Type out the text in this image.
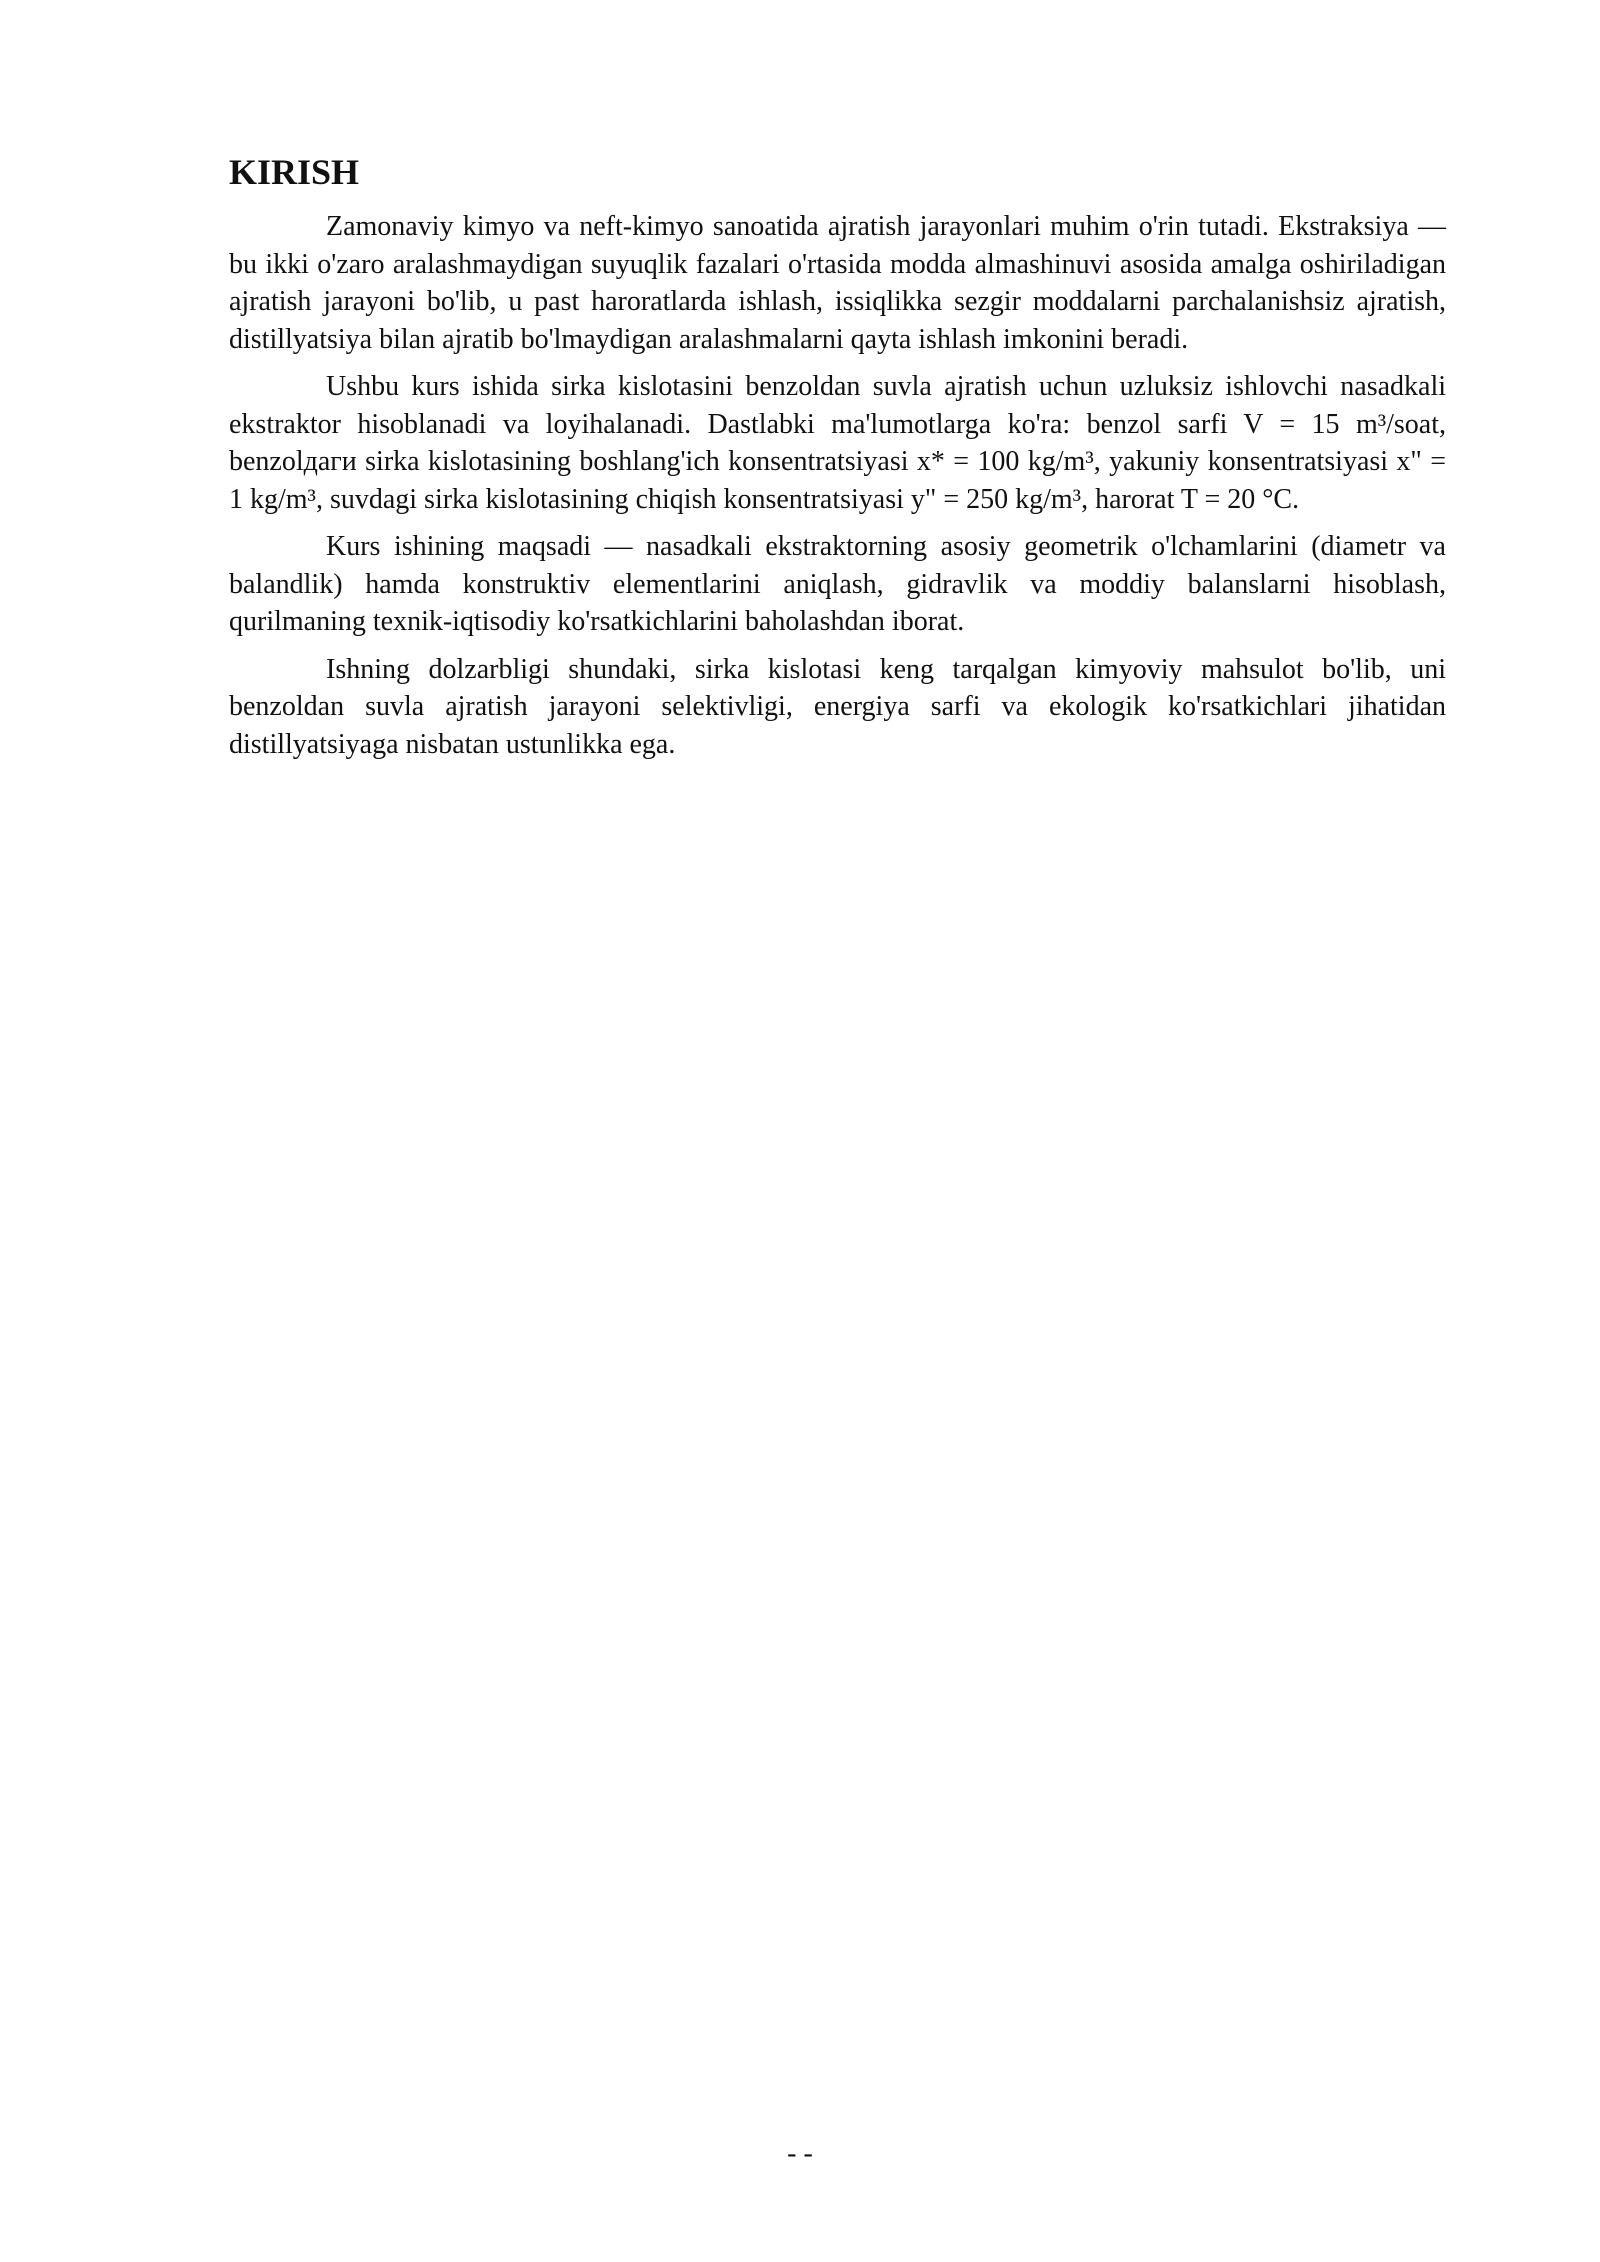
KIRISH

Zamonaviy kimyo va neft-kimyo sanoatida ajratish jarayonlari muhim o'rin tutadi. Ekstraksiya — bu ikki o'zaro aralashmaydigan suyuqlik fazalari o'rtasida modda almashinuvi asosida amalga oshiriladigan ajratish jarayoni bo'lib, u past haroratlarda ishlash, issiqlikka sezgir moddalarni parchalanishsiz ajratish, distillyatsiya bilan ajratib bo'lmaydigan aralashmalarni qayta ishlash imkonini beradi.

Ushbu kurs ishida sirka kislotasini benzoldan suvla ajratish uchun uzluksiz ishlovchi nasadkali ekstraktor hisoblanadi va loyihalanadi. Dastlabki ma'lumotlarga ko'ra: benzol sarfi V = 15 m³/soat, benzolдаги sirka kislotasining boshlang'ich konsentratsiyasi x* = 100 kg/m³, yakuniy konsentratsiyasi x" = 1 kg/m³, suvdagi sirka kislotasining chiqish konsentratsiyasi y" = 250 kg/m³, harorat T = 20 °C.

Kurs ishining maqsadi — nasadkali ekstraktorning asosiy geometrik o'lchamlarini (diametr va balandlik) hamda konstruktiv elementlarini aniqlash, gidravlik va moddiy balanslarni hisoblash, qurilmaning texnik-iqtisodiy ko'rsatkichlarini baholashdan iborat.

Ishning dolzarbligi shundaki, sirka kislotasi keng tarqalgan kimyoviy mahsulot bo'lib, uni benzoldan suvla ajratish jarayoni selektivligi, energiya sarfi va ekologik ko'rsatkichlari jihatidan distillyatsiyaga nisbatan ustunlikka ega.

- -
